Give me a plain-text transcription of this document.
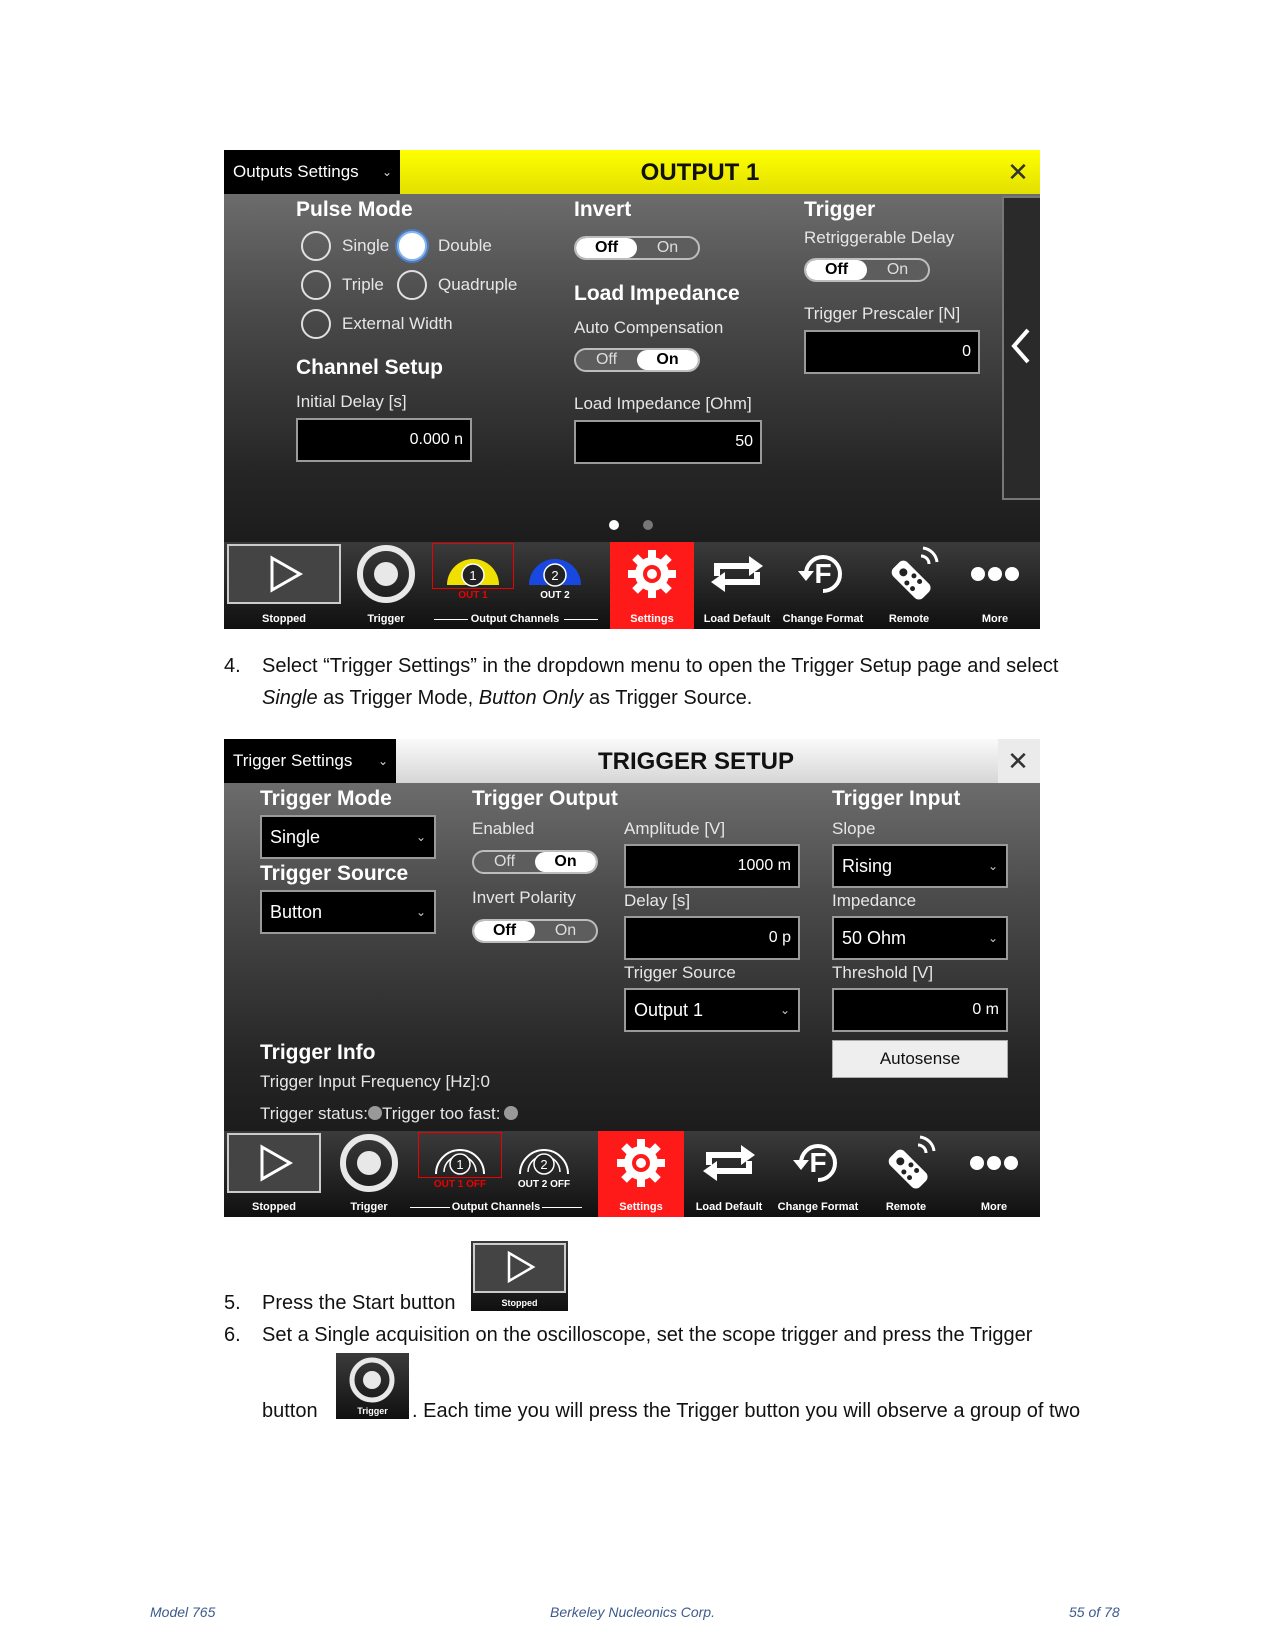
Outputs Settings ⌄	OUTPUT 1	✕
Pulse Mode
Single	Double
Triple	Quadruple
External Width
Channel Setup
Initial Delay [s]
0.000 n
Invert
Off	On
Load Impedance
Auto Compensation
Off	On
Load Impedance [Ohm]
50
Trigger
Retriggerable Delay
Off	On
Trigger Prescaler [N]
0
Stopped	Trigger
1
OUT 1
2
OUT 2
Output Channels	Settings	Load Default
F
Change Format	Remote	More
4. Select “Trigger Settings” in the dropdown menu to open the Trigger Setup page and select
Single as Trigger Mode, Button Only as Trigger Source.
Trigger Settings ⌄	TRIGGER SETUP	✕
Trigger Mode
Single	⌄
Trigger Source
Button	⌄
Trigger Output
Enabled
Off	On
Invert Polarity
Off	On
Amplitude [V]
1000 m
Delay [s]
0 p
Trigger Source
Output 1	⌄
Trigger Input
Slope
Rising	⌄
Impedance
50 Ohm	⌄
Threshold [V]
0 m
Autosense
Trigger Info
Trigger Input Frequency [Hz]:0
Trigger status: Trigger too fast:
Stopped	Trigger
1
OUT 1 OFF
2
OUT 2 OFF
Output Channels	Settings	Load Default
F
Change Format	Remote	More
5. Press the Start button	Stopped
6. Set a Single acquisition on the oscilloscope, set the scope trigger and press the Trigger
button	Trigger	. Each time you will press the Trigger button you will observe a group of two
Model 765	Berkeley Nucleonics Corp.	55 of 78
